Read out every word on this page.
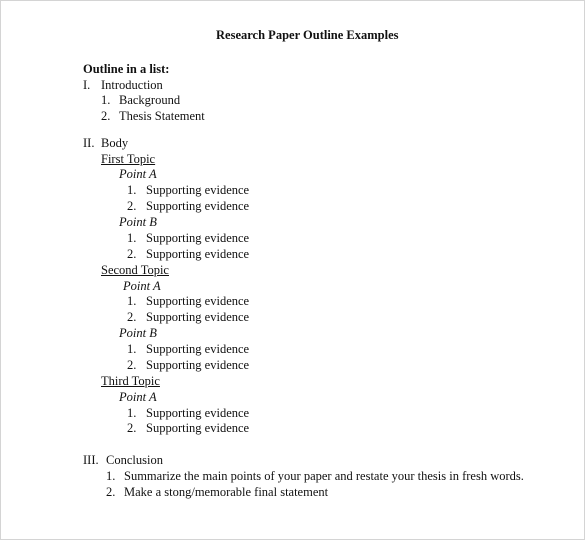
Research Paper Outline Examples
Outline in a list:
I. Introduction
1. Background
2. Thesis Statement
II. Body
First Topic
Point A
1. Supporting evidence
2. Supporting evidence
Point B
1. Supporting evidence
2. Supporting evidence
Second Topic
Point A
1. Supporting evidence
2. Supporting evidence
Point B
1. Supporting evidence
2. Supporting evidence
Third Topic
Point A
1. Supporting evidence
2. Supporting evidence
III. Conclusion
1. Summarize the main points of your paper and restate your thesis in fresh words.
2. Make a stong/memorable final statement
